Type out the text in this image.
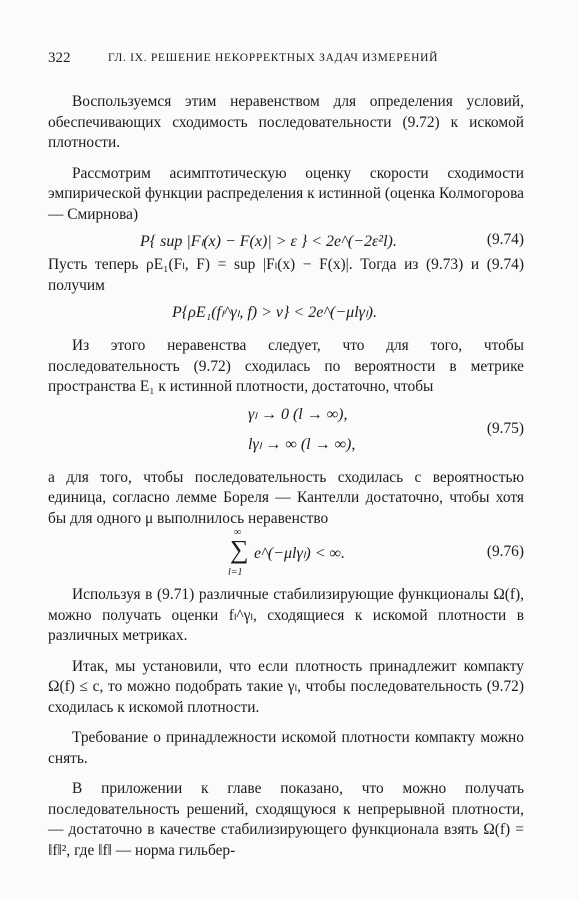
322	ГЛ. IX. РЕШЕНИЕ НЕКОРРЕКТНЫХ ЗАДАЧ ИЗМЕРЕНИЙ

Воспользуемся этим неравенством для определения условий, обеспечивающих сходимость последовательности (9.72) к искомой плотности.

Рассмотрим асимптотическую оценку скорости сходимости эмпирической функции распределения к истинной (оценка Колмогорова — Смирнова)

P{ sup |Fₗ(x) − F(x)| > ε } < 2e^(−2ε²l).	(9.74)

Пусть теперь ρE₁(Fₗ, F) = sup |Fₗ(x) − F(x)|. Тогда из (9.73) и (9.74) получим

P{ρE₁(fₗ^γₗ, f) > ν} < 2e^(−μlγₗ).

Из этого неравенства следует, что для того, чтобы последовательность (9.72) сходилась по вероятности в метрике пространства E₁ к истинной плотности, достаточно, чтобы

γₗ → 0 (l → ∞),
lγₗ → ∞ (l → ∞),
(9.75)

а для того, чтобы последовательность сходилась с вероятностью единица, согласно лемме Бореля — Кантелли достаточно, чтобы хотя бы для одного μ выполнилось неравенство

∞
∑
l=1
e^(−μlγₗ) < ∞.	(9.76)

Используя в (9.71) различные стабилизирующие функционалы Ω(f), можно получать оценки fₗ^γₗ, сходящиеся к искомой плотности в различных метриках.

Итак, мы установили, что если плотность принадлежит компакту Ω(f) ≤ c, то можно подобрать такие γₗ, чтобы последовательность (9.72) сходилась к искомой плотности.

Требование о принадлежности искомой плотности компакту можно снять.

В приложении к главе показано, что можно получать последовательность решений, сходящуюся к непрерывной плотности, — достаточно в качестве стабилизирующего функционала взять Ω(f) = ‖f‖², где ‖f‖ — норма гильбер-
